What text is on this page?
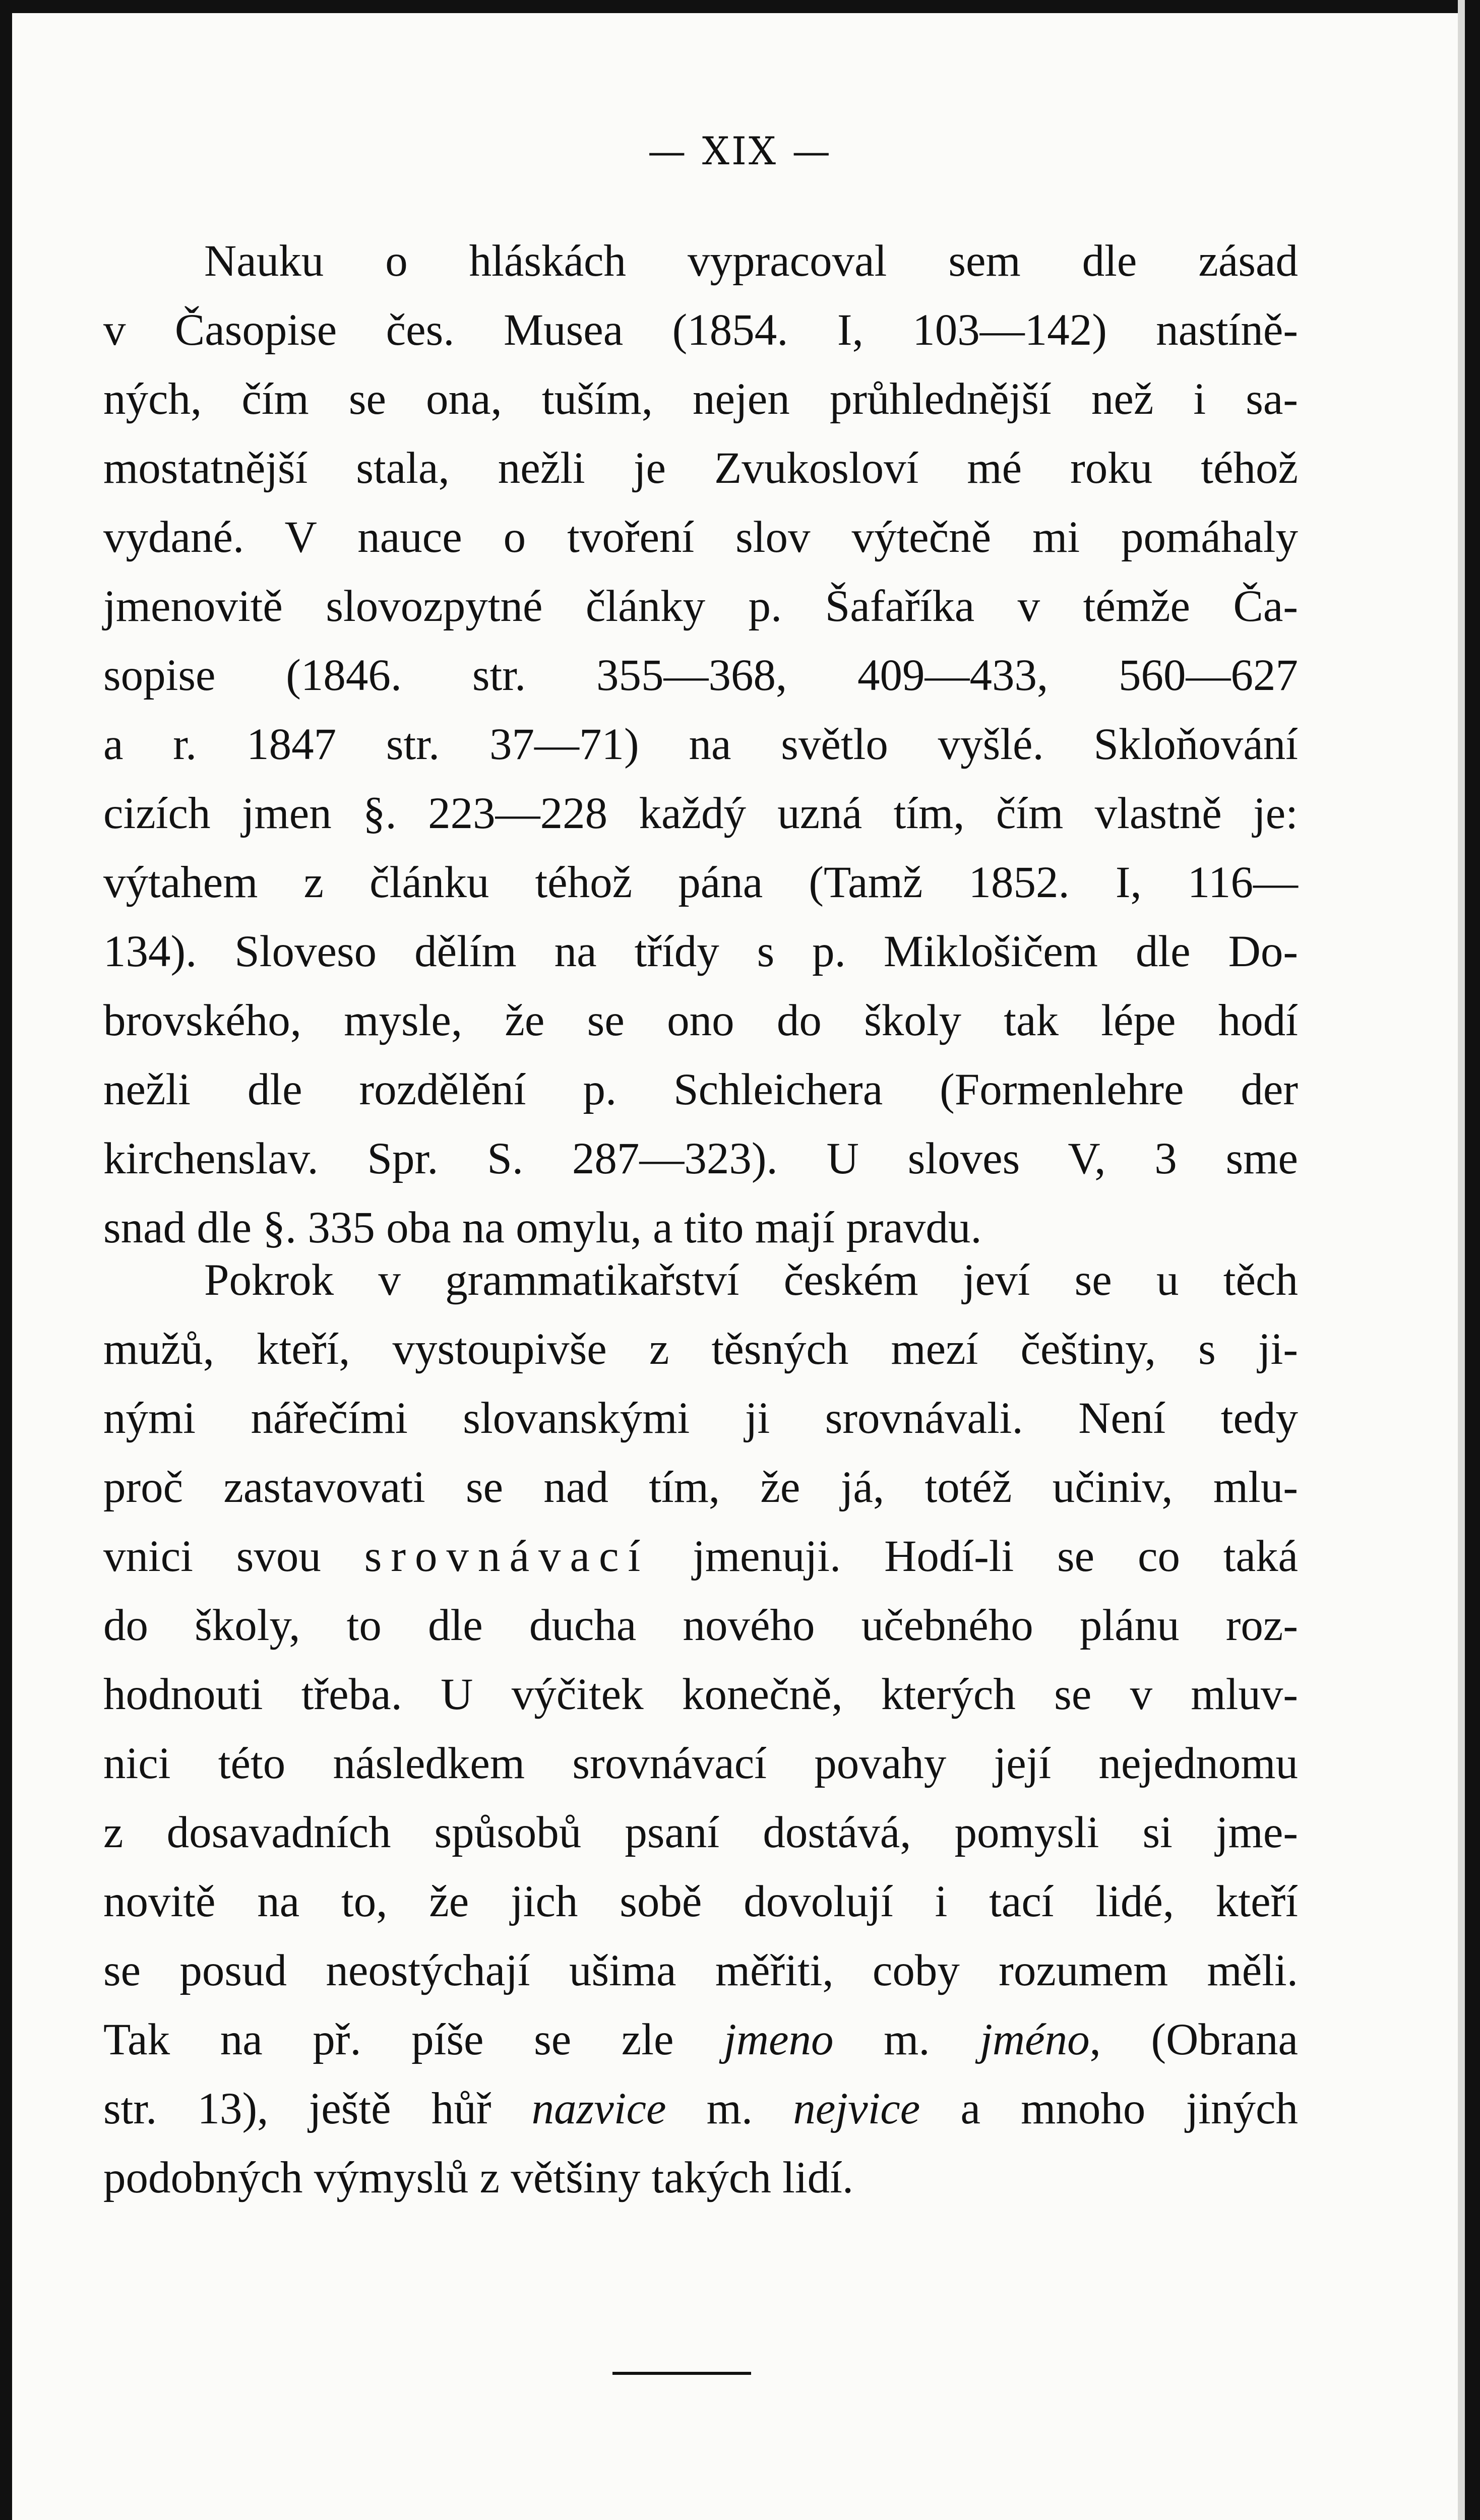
— XIX —
Nauku o hláskách vypracoval sem dle zásad
v Časopise čes. Musea (1854. I, 103—142) nastíně-
ných, čím se ona, tuším, nejen průhlednější než i sa-
mostatnější stala, nežli je Zvukosloví mé roku téhož
vydané. V nauce o tvoření slov výtečně mi pomáhaly
jmenovitě slovozpytné články p. Šafaříka v témže Ča-
sopise (1846. str. 355—368, 409—433, 560—627
a r. 1847 str. 37—71) na světlo vyšlé. Skloňování
cizích jmen §. 223—228 každý uzná tím, čím vlastně je:
výtahem z článku téhož pána (Tamž 1852. I, 116—
134). Sloveso dělím na třídy s p. Miklošičem dle Do-
brovského, mysle, že se ono do školy tak lépe hodí
nežli dle rozdělění p. Schleichera (Formenlehre der
kirchenslav. Spr. S. 287—323). U sloves V, 3 sme
snad dle §. 335 oba na omylu, a tito mají pravdu.
Pokrok v grammatikařství českém jeví se u těch
mužů, kteří, vystoupivše z těsných mezí češtiny, s ji-
nými nářečími slovanskými ji srovnávali. Není tedy
proč zastavovati se nad tím, že já, totéž učiniv, mlu-
vnici svou srovnávací jmenuji. Hodí-li se co taká
do školy, to dle ducha nového učebného plánu roz-
hodnouti třeba. U výčitek konečně, kterých se v mluv-
nici této následkem srovnávací povahy její nejednomu
z dosavadních spůsobů psaní dostává, pomysli si jme-
novitě na to, že jich sobě dovolují i tací lidé, kteří
se posud neostýchají ušima měřiti, coby rozumem měli.
Tak na př. píše se zle jmeno m. jméno, (Obrana
str. 13), ještě hůř nazvice m. nejvice a mnoho jiných
podobných výmyslů z většiny takých lidí.
